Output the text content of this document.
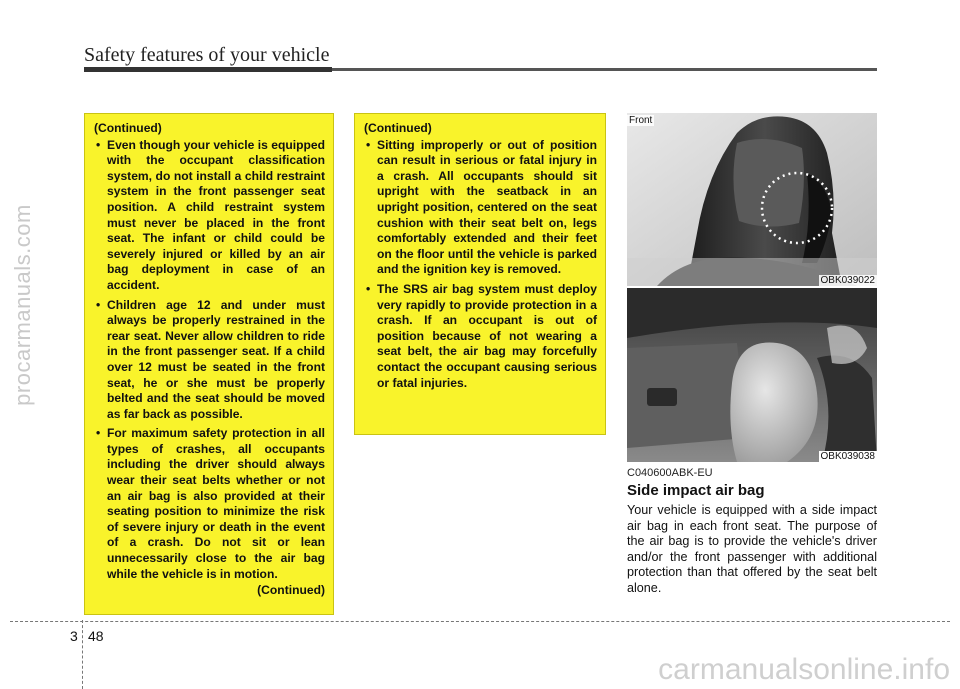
procarmanuals.com
Safety features of your vehicle
(Continued)
• Even though your vehicle is equipped with the occupant classification system, do not install a child restraint system in the front passenger seat position. A child restraint system must never be placed in the front seat. The infant or child could be severely injured or killed by an air bag deployment in case of an accident.
• Children age 12 and under must always be properly restrained in the rear seat. Never allow children to ride in the front passenger seat. If a child over 12 must be seated in the front seat, he or she must be properly belted and the seat should be moved as far back as possible.
• For maximum safety protection in all types of crashes, all occupants including the driver should always wear their seat belts whether or not an air bag is also provided at their seating position to minimize the risk of severe injury or death in the event of a crash. Do not sit or lean unnecessarily close to the air bag while the vehicle is in motion.
(Continued)
(Continued)
• Sitting improperly or out of position can result in serious or fatal injury in a crash. All occupants should sit upright with the seatback in an upright position, centered on the seat cushion with their seat belt on, legs comfortably extended and their feet on the floor until the vehicle is parked and the ignition key is removed.
• The SRS air bag system must deploy very rapidly to provide protection in a crash. If an occupant is out of position because of not wearing a seat belt, the air bag may forcefully contact the occupant causing serious or fatal injuries.
Front
OBK039022
OBK039038
C040600ABK-EU
Side impact air bag
Your vehicle is equipped with a side impact air bag in each front seat. The purpose of the air bag is to provide the vehicle's driver and/or the front passenger with additional protection than that offered by the seat belt alone.
3 48
carmanualsonline.info
